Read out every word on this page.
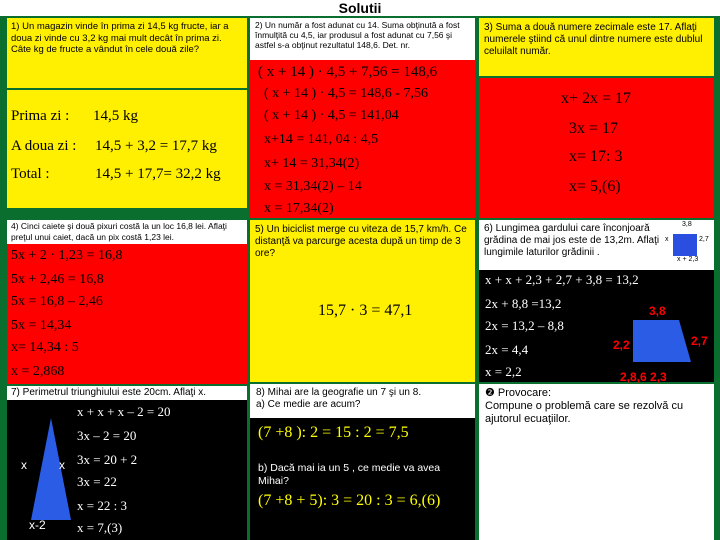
Solutii
1) Un magazin vinde în prima zi 14,5 kg fructe, iar a doua zi vinde cu 3,2 kg mai mult decât în prima zi. Câte kg de fructe a vândut în cele două zile?
Prima zi : 14,5 kg
A doua zi : 14,5 + 3,2 = 17,7 kg
Total :	14,5 + 17,7= 32,2 kg
2) Un număr a fost adunat cu 14. Suma obţinută a fost înmulţită cu 4,5, iar produsul a fost adunat cu 7,56 şi astfel s-a obţinut rezultatul 148,6. Det. nr.
( x + 14 ) · 4,5 + 7,56 = 148,6
( x + 14 ) · 4,5 = 148,6 - 7,56
( x + 14 ) · 4,5 = 141,04
x+14 = 141, 04 : 4,5
x+ 14 = 31,34(2)
x = 31,34(2) – 14
x = 17,34(2)
3) Suma a două numere zecimale este 17. Aflaţi numerele ştiind că unul dintre numere este dublul celuilalt număr.
x+ 2x = 17
3x = 17
x= 17: 3
x= 5,(6)
4) Cinci caiete şi două pixuri costă la un loc 16,8 lei. Aflaţi preţul unui caiet, dacă un pix costă 1,23 lei.
5x + 2 · 1,23 = 16,8
5x + 2,46 = 16,8
5x = 16,8 – 2,46
5x = 14,34
x= 14,34 : 5
x = 2,868
5) Un biciclist merge cu viteza de 15,7 km/h. Ce distanţă va parcurge acesta după un timp de 3 ore?
15,7 · 3 = 47,1
6) Lungimea gardului care înconjoară grădina de mai jos este de 13,2m. Aflaţi lungimile laturilor grădinii .
3,8
x	2,7
x + 2,3
x + x + 2,3 + 2,7 + 3,8 = 13,2
2x + 8,8 =13,2
2x = 13,2 – 8,8
2x = 4,4
x = 2,2
3,8
2,2	2,7
2,8,6 2,3
7) Perimetrul triunghiului este 20cm. Aflaţi x.
x	x
x-2
x + x + x – 2 = 20
3x – 2 = 20
3x = 20 + 2
3x = 22
x = 22 : 3
x = 7,(3)
8) Mihai are la geografie un 7 şi un 8.
a) Ce medie are acum?
(7 +8 ): 2 = 15 : 2 = 7,5
b) Dacă mai ia un 5 , ce medie va avea Mihai?
(7 +8 + 5): 3 = 20 : 3 = 6,(6)
❷ Provocare:
Compune o problemă care se rezolvă cu ajutorul ecuaţiilor.
